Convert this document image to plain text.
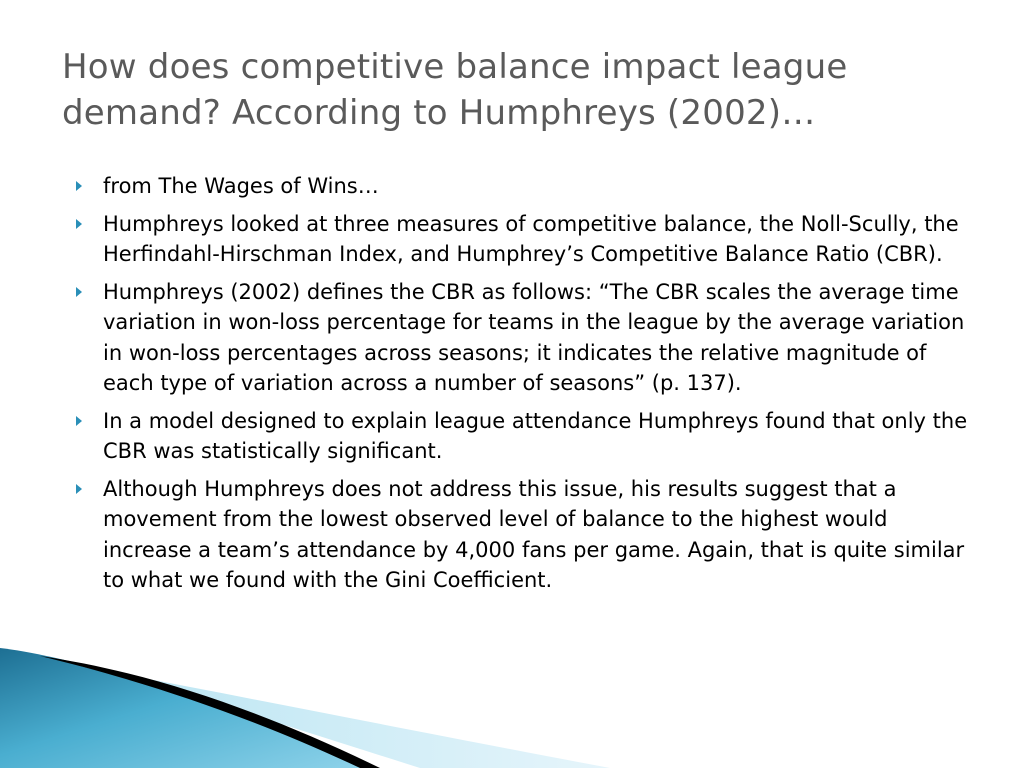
How does competitive balance impact league demand? According to Humphreys (2002)…
from The Wages of Wins…
Humphreys looked at three measures of competitive balance, the Noll-Scully, the Herfindahl-Hirschman Index, and Humphrey’s Competitive Balance Ratio (CBR).
Humphreys (2002) defines the CBR as follows: “The CBR scales the average time variation in won-loss percentage for teams in the league by the average variation in won-loss percentages across seasons; it indicates the relative magnitude of each type of variation across a number of seasons” (p. 137).
In a model designed to explain league attendance Humphreys found that only the CBR was statistically significant.
Although Humphreys does not address this issue, his results suggest that a movement from the lowest observed level of balance to the highest would increase a team’s attendance by 4,000 fans per game. Again, that is quite similar to what we found with the Gini Coefficient.
